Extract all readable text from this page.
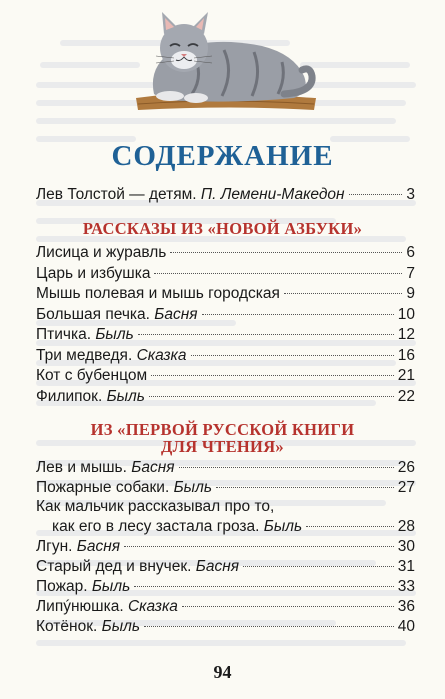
СОДЕРЖАНИЕ
Лев Толстой — детям. П. Лемени-Македон	3
РАССКАЗЫ ИЗ «НОВОЙ АЗБУКИ»
Лисица и журавль	6
Царь и избушка	7
Мышь полевая и мышь городская	9
Большая печка. Басня	10
Птичка. Быль	12
Три медведя. Сказка	16
Кот с бубенцом	21
Филипок. Быль	22
ИЗ «ПЕРВОЙ РУССКОЙ КНИГИ
ДЛЯ ЧТЕНИЯ»
Лев и мышь. Басня	26
Пожарные собаки. Быль	27
Как мальчик рассказывал про то,
как его в лесу застала гроза. Быль	28
Лгун. Басня	30
Старый дед и внучек. Басня	31
Пожар. Быль	33
Липýнюшка. Сказка	36
Котёнок. Быль	40
94
